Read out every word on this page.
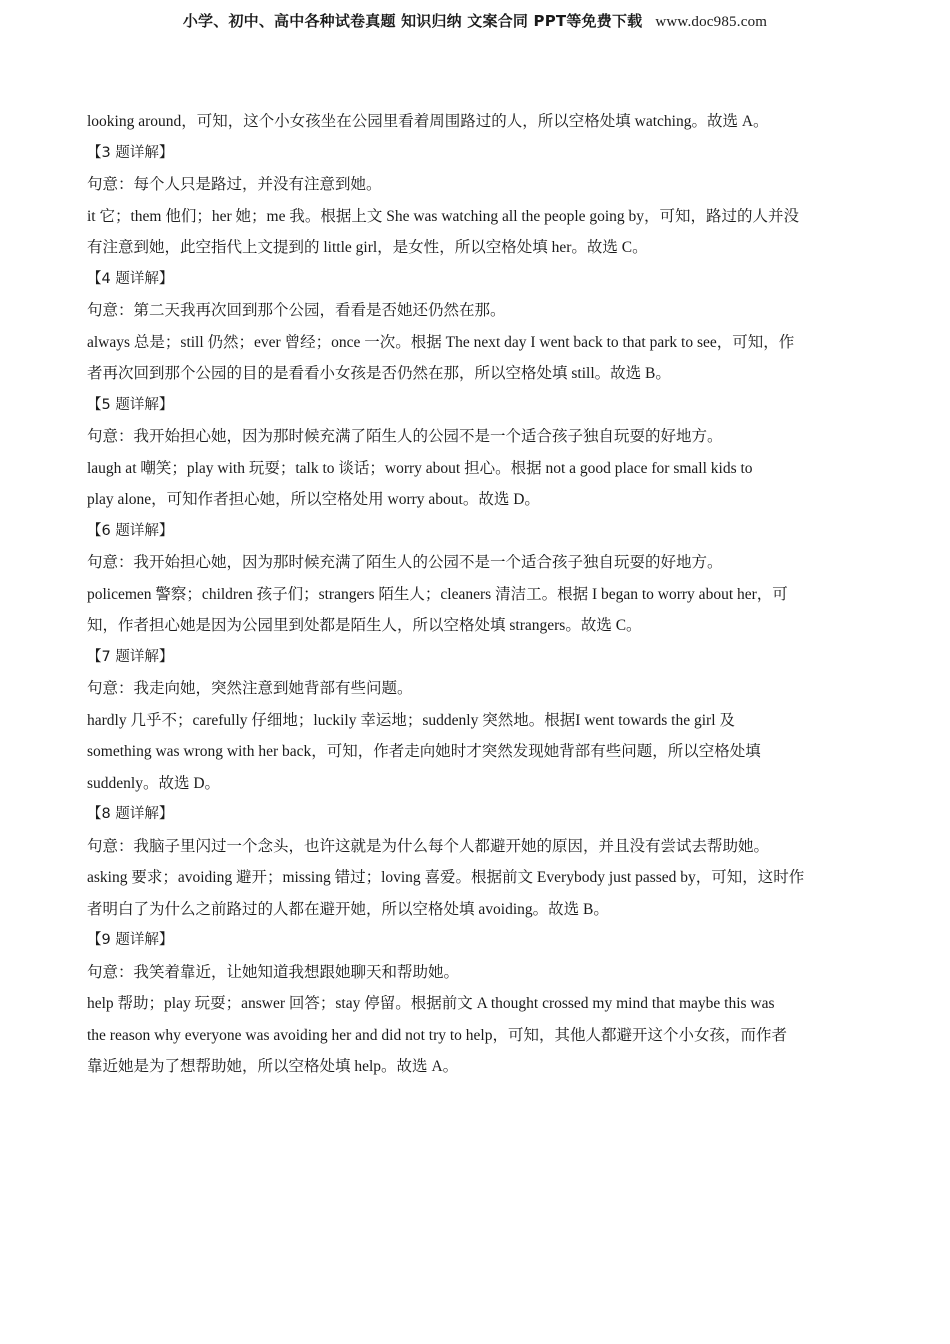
小学、初中、高中各种试卷真题 知识归纳 文案合同 PPT等免费下载 www.doc985.com
looking around，可知，这个小女孩坐在公园里看着周围路过的人，所以空格处填 watching。故选 A。
【3 题详解】
句意：每个人只是路过，并没有注意到她。
it 它；them 他们；her 她；me 我。根据上文 She was watching all the people going by，可知，路过的人并没
有注意到她，此空指代上文提到的 little girl，是女性，所以空格处填 her。故选 C。
【4 题详解】
句意：第二天我再次回到那个公园，看看是否她还仍然在那。
always 总是；still 仍然；ever 曾经；once 一次。根据 The next day I went back to that park to see，可知，作
者再次回到那个公园的目的是看看小女孩是否仍然在那，所以空格处填 still。故选 B。
【5 题详解】
句意：我开始担心她，因为那时候充满了陌生人的公园不是一个适合孩子独自玩耍的好地方。
laugh at 嘲笑；play with 玩耍；talk to 谈话；worry about 担心。根据 not a good place for small kids to
play alone，可知作者担心她，所以空格处用 worry about。故选 D。
【6 题详解】
句意：我开始担心她，因为那时候充满了陌生人的公园不是一个适合孩子独自玩耍的好地方。
policemen 警察；children 孩子们；strangers 陌生人；cleaners 清洁工。根据 I began to worry about her，可
知，作者担心她是因为公园里到处都是陌生人，所以空格处填 strangers。故选 C。
【7 题详解】
句意：我走向她，突然注意到她背部有些问题。
hardly 几乎不；carefully 仔细地；luckily 幸运地；suddenly 突然地。根据I went towards the girl 及
something was wrong with her back，可知，作者走向她时才突然发现她背部有些问题，所以空格处填
suddenly。故选 D。
【8 题详解】
句意：我脑子里闪过一个念头，也许这就是为什么每个人都避开她的原因，并且没有尝试去帮助她。
asking 要求；avoiding 避开；missing 错过；loving 喜爱。根据前文 Everybody just passed by，可知，这时作
者明白了为什么之前路过的人都在避开她，所以空格处填 avoiding。故选 B。
【9 题详解】
句意：我笑着靠近，让她知道我想跟她聊天和帮助她。
help 帮助；play 玩耍；answer 回答；stay 停留。根据前文 A thought crossed my mind that maybe this was
the reason why everyone was avoiding her and did not try to help，可知，其他人都避开这个小女孩，而作者
靠近她是为了想帮助她，所以空格处填 help。故选 A。
